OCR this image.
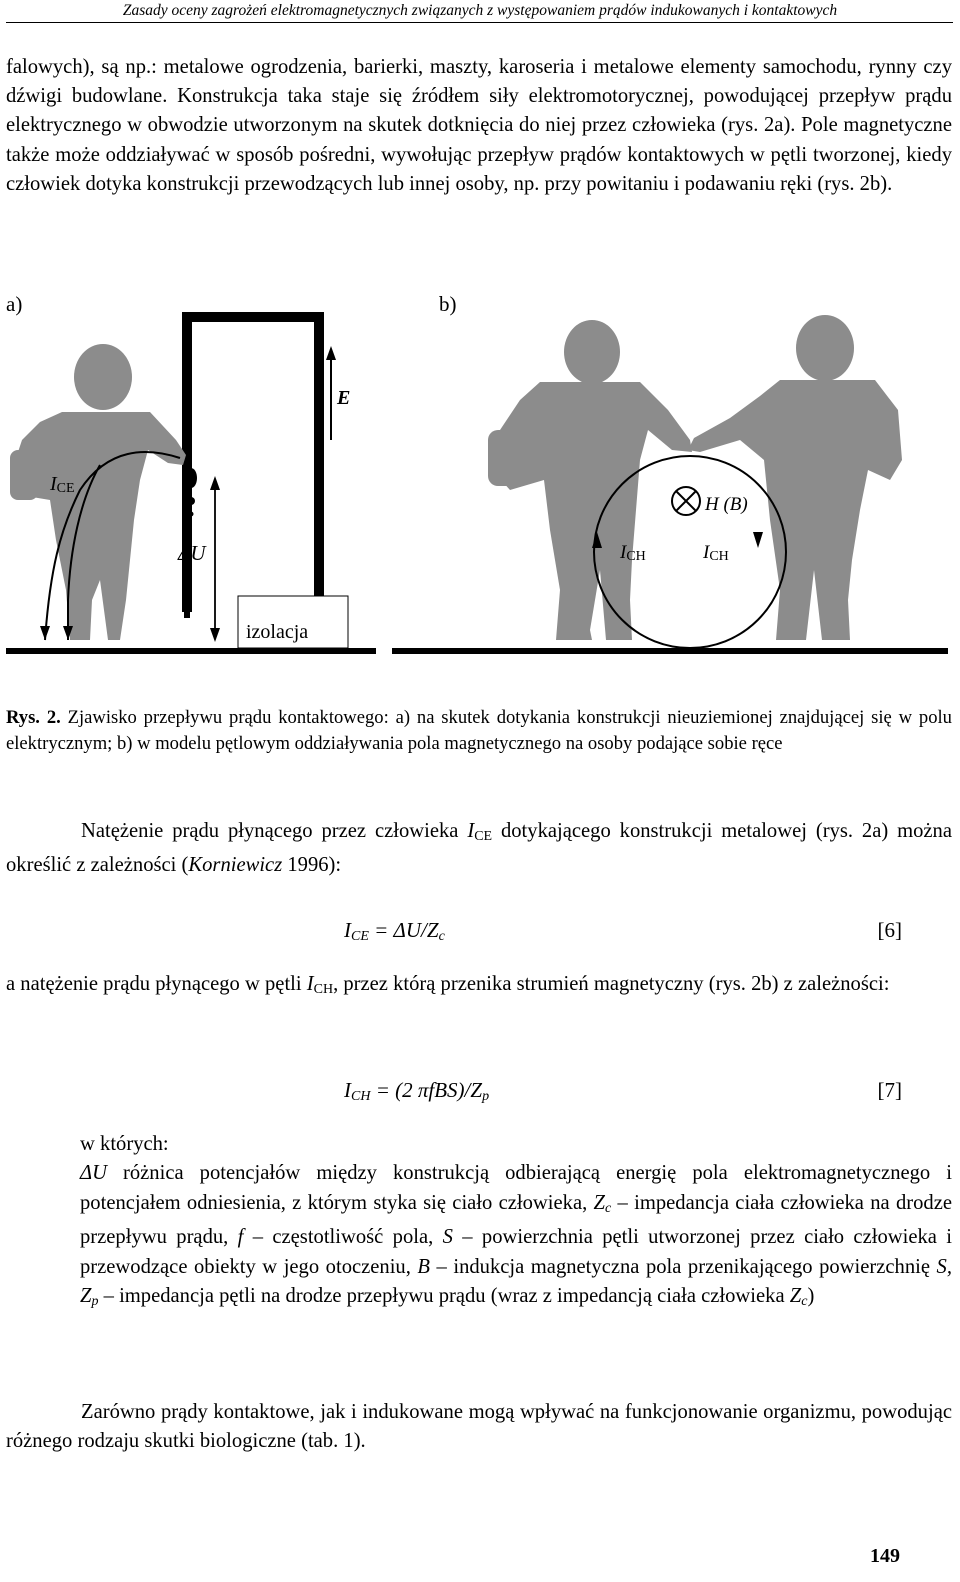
Zasady oceny zagrożeń elektromagnetycznych związanych z występowaniem prądów indukowanych i kontaktowych
falowych), są np.: metalowe ogrodzenia, barierki, maszty, karoseria i metalowe elementy samochodu, rynny czy dźwigi budowlane. Konstrukcja taka staje się źródłem siły elektromotorycznej, powodującej przepływ prądu elektrycznego w obwodzie utworzonym na skutek dotknięcia do niej przez człowieka (rys. 2a). Pole magnetyczne także może oddziaływać w sposób pośredni, wywołując przepływ prądów kontaktowych w pętli tworzonej, kiedy człowiek dotyka konstrukcji przewodzących lub innej osoby, np. przy powitaniu i podawaniu ręki (rys. 2b).
a)	b)
E
ICE
ΔU
izolacja
H (B)
ICH	ICH
Rys. 2. Zjawisko przepływu prądu kontaktowego: a) na skutek dotykania konstrukcji nieuziemionej znajdującej się w polu elektrycznym; b) w modelu pętlowym oddziaływania pola magnetycznego na osoby podające sobie ręce
Natężenie prądu płynącego przez człowieka $I_{CE}$ dotykającego konstrukcji metalowej (rys. 2a) można określić z zależności (Korniewicz 1996):
ICE = ΔU/Zc	[6]
a natężenie prądu płynącego w pętli $I_{CH}$, przez którą przenika strumień magnetyczny (rys. 2b) z zależności:
ICH = (2 πfBS)/Zp	[7]
w których:
ΔU różnica potencjałów między konstrukcją odbierającą energię pola elektromagnetycznego i potencjałem odniesienia, z którym styka się ciało człowieka, Zc – impedancja ciała człowieka na drodze przepływu prądu, f – częstotliwość pola, S – powierzchnia pętli utworzonej przez ciało człowieka i przewodzące obiekty w jego otoczeniu, B – indukcja magnetyczna pola przenikającego powierzchnię S, Zp – impedancja pętli na drodze przepływu prądu (wraz z impedancją ciała człowieka Zc)
Zarówno prądy kontaktowe, jak i indukowane mogą wpływać na funkcjonowanie organizmu, powodując różnego rodzaju skutki biologiczne (tab. 1).
149
